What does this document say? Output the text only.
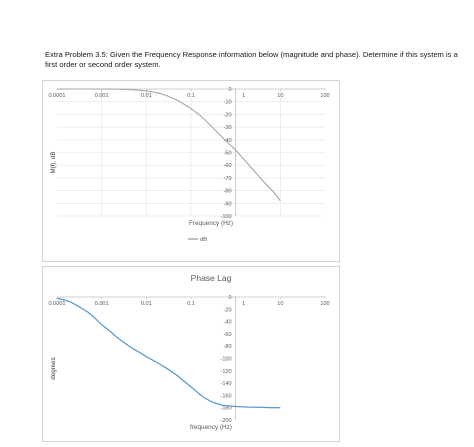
Extra Problem 3.5: Given the Frequency Response information below (magnitude and phase). Determine if this system is a first order or second order system.
0
-10
-20
-30
-40
-50
-60
-70
-80
-90
-100
0.0001	0.001	0.01	0.1	1	10	100
Frequency (Hz)
M(f), dB
dB
0
-20
-40
-60
-80
-100
-120
-140
-160
-180
-200
0.0001	0.001	0.01	0.1	1	10	100
frequency (Hz)
degrees
Phase Lag
